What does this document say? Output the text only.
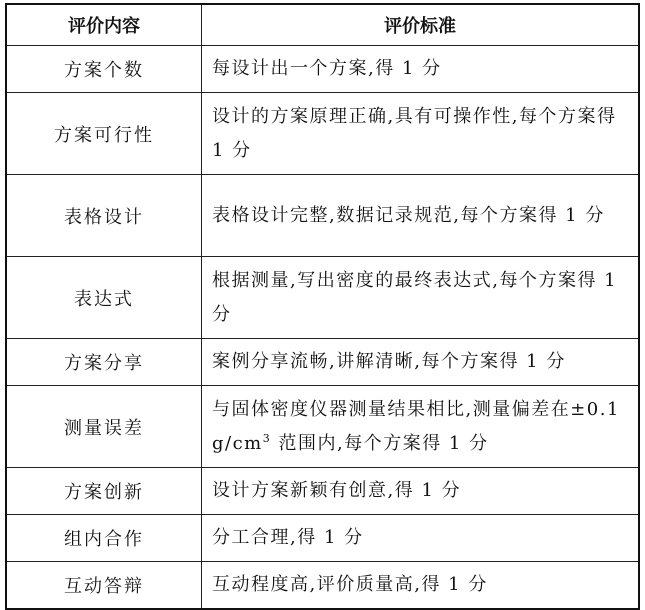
评价内容	评价标准
方案个数	每设计出一个方案,得 1 分
方案可行性	设计的方案原理正确,具有可操作性,每个方案得 1 分
表格设计	表格设计完整,数据记录规范,每个方案得 1 分
表达式	根据测量,写出密度的最终表达式,每个方案得 1 分
方案分享	案例分享流畅,讲解清晰,每个方案得 1 分
测量误差	与固体密度仪器测量结果相比,测量偏差在±0.1 $g/cm^3$ 范围内,每个方案得 1 分
方案创新	设计方案新颖有创意,得 1 分
组内合作	分工合理,得 1 分
互动答辩	互动程度高,评价质量高,得 1 分
